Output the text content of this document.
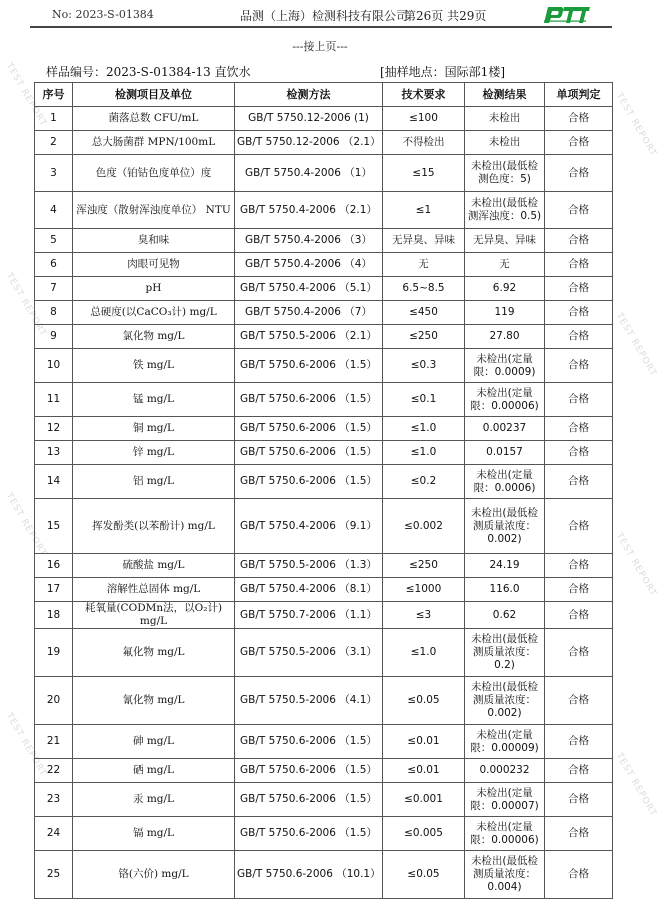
TEST REPORT
TEST REPORT
TEST REPORT
TEST REPORT
TEST REPORT
TEST REPORT
TEST REPORT
TEST REPORT
No: 2023-S-01384	品测（上海）检测科技有限公司
第26页 共29页
---接上页---
样品编号：2023-S-01384-13 直饮水	[抽样地点：国际部1楼]
序号	检测项目及单位	检测方法	技术要求	检测结果	单项判定
1	菌落总数 CFU/mL	GB/T 5750.12-2006 (1)	≤100	未检出	合格
2	总大肠菌群 MPN/100mL	GB/T 5750.12-2006 （2.1）	不得检出	未检出	合格
3	色度（铂钴色度单位）度	GB/T 5750.4-2006 （1）	≤15	未检出(最低检测色度：5)	合格
4	浑浊度（散射浑浊度单位） NTU	GB/T 5750.4-2006 （2.1）	≤1	未检出(最低检测浑浊度：0.5)	合格
5	臭和味	GB/T 5750.4-2006 （3）	无异臭、异味	无异臭、异味	合格
6	肉眼可见物	GB/T 5750.4-2006 （4）	无	无	合格
7	pH	GB/T 5750.4-2006 （5.1）	6.5~8.5	6.92	合格
8	总硬度(以CaCO₃计) mg/L	GB/T 5750.4-2006 （7）	≤450	119	合格
9	氯化物 mg/L	GB/T 5750.5-2006 （2.1）	≤250	27.80	合格
10	铁 mg/L	GB/T 5750.6-2006 （1.5）	≤0.3	未检出(定量限：0.0009)	合格
11	锰 mg/L	GB/T 5750.6-2006 （1.5）	≤0.1	未检出(定量限：0.00006)	合格
12	铜 mg/L	GB/T 5750.6-2006 （1.5）	≤1.0	0.00237	合格
13	锌 mg/L	GB/T 5750.6-2006 （1.5）	≤1.0	0.0157	合格
14	铝 mg/L	GB/T 5750.6-2006 （1.5）	≤0.2	未检出(定量限：0.0006)	合格
15	挥发酚类(以苯酚计) mg/L	GB/T 5750.4-2006 （9.1）	≤0.002	未检出(最低检测质量浓度：0.002)	合格
16	硫酸盐 mg/L	GB/T 5750.5-2006 （1.3）	≤250	24.19	合格
17	溶解性总固体 mg/L	GB/T 5750.4-2006 （8.1）	≤1000	116.0	合格
18	耗氧量(CODMn法，以O₂计) mg/L	GB/T 5750.7-2006 （1.1）	≤3	0.62	合格
19	氟化物 mg/L	GB/T 5750.5-2006 （3.1）	≤1.0	未检出(最低检测质量浓度：0.2)	合格
20	氰化物 mg/L	GB/T 5750.5-2006 （4.1）	≤0.05	未检出(最低检测质量浓度：0.002)	合格
21	砷 mg/L	GB/T 5750.6-2006 （1.5）	≤0.01	未检出(定量限：0.00009)	合格
22	硒 mg/L	GB/T 5750.6-2006 （1.5）	≤0.01	0.000232	合格
23	汞 mg/L	GB/T 5750.6-2006 （1.5）	≤0.001	未检出(定量限：0.00007)	合格
24	镉 mg/L	GB/T 5750.6-2006 （1.5）	≤0.005	未检出(定量限：0.00006)	合格
25	铬(六价) mg/L	GB/T 5750.6-2006 （10.1）	≤0.05	未检出(最低检测质量浓度：0.004)	合格
